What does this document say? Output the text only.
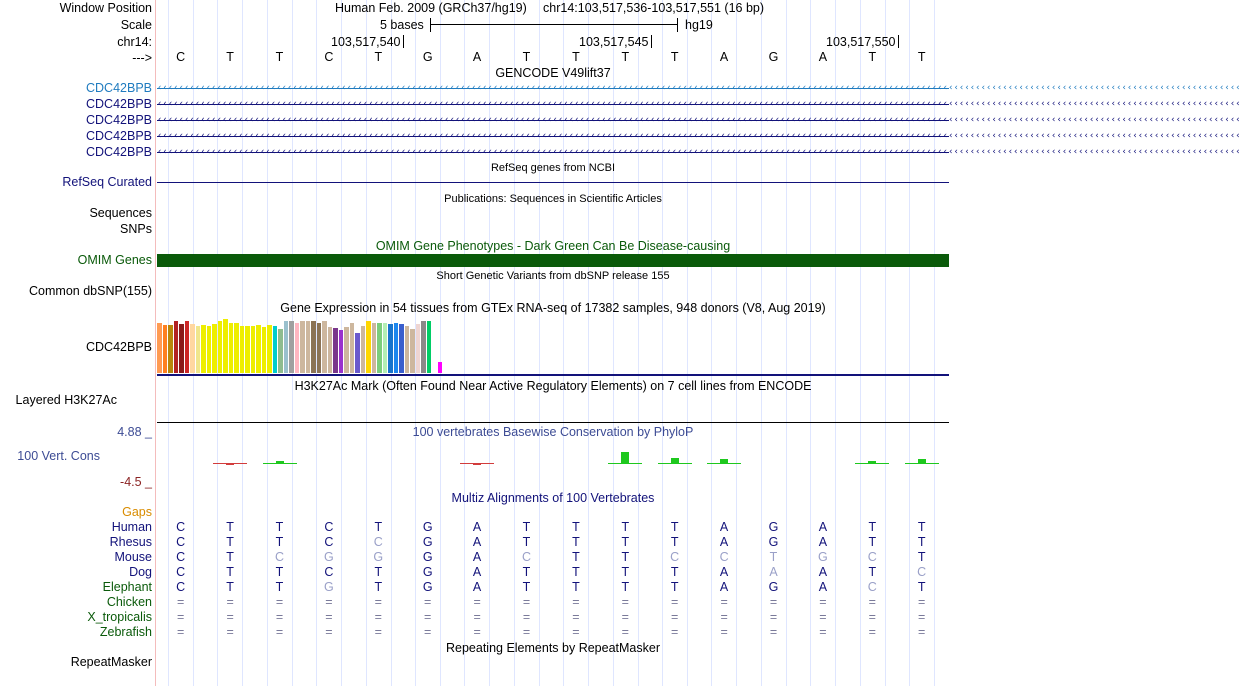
Window Position
Scale
chr14:
--->
Human Feb. 2009 (GRCh37/hg19) chr14:103,517,536-103,517,551 (16 bp)
5 bases	hg19
103,517,540	103,517,545	103,517,550
C	T	T	C	T	G	A	T	T	T	T	A	G	A	T	T
GENCODE V49lift37
CDC42BPB ‹‹‹‹‹‹‹‹‹‹‹‹‹‹‹‹‹‹‹‹‹‹‹‹‹‹‹‹‹‹‹‹‹‹‹‹‹‹‹‹‹‹‹‹‹‹‹‹‹‹‹‹‹‹‹‹‹‹‹‹‹‹‹‹‹‹‹‹‹‹‹‹‹‹‹‹‹‹‹‹‹‹‹‹‹‹‹‹‹‹‹‹‹‹‹‹‹‹‹‹‹‹‹‹‹‹‹‹‹‹‹‹‹‹‹‹‹‹‹‹‹‹‹‹‹‹‹‹‹‹‹‹‹‹‹‹‹‹‹‹‹‹‹‹‹‹‹‹‹‹‹‹‹‹‹‹‹‹‹‹‹‹‹‹‹‹‹‹‹‹‹‹‹‹‹‹‹‹‹‹‹‹‹‹‹‹‹‹‹‹‹‹‹‹‹‹‹‹‹‹
CDC42BPB ‹‹‹‹‹‹‹‹‹‹‹‹‹‹‹‹‹‹‹‹‹‹‹‹‹‹‹‹‹‹‹‹‹‹‹‹‹‹‹‹‹‹‹‹‹‹‹‹‹‹‹‹‹‹‹‹‹‹‹‹‹‹‹‹‹‹‹‹‹‹‹‹‹‹‹‹‹‹‹‹‹‹‹‹‹‹‹‹‹‹‹‹‹‹‹‹‹‹‹‹‹‹‹‹‹‹‹‹‹‹‹‹‹‹‹‹‹‹‹‹‹‹‹‹‹‹‹‹‹‹‹‹‹‹‹‹‹‹‹‹‹‹‹‹‹‹‹‹‹‹‹‹‹‹‹‹‹‹‹‹‹‹‹‹‹‹‹‹‹‹‹‹‹‹‹‹‹‹‹‹‹‹‹‹‹‹‹‹‹‹‹‹‹‹‹‹‹‹‹‹
CDC42BPB ‹‹‹‹‹‹‹‹‹‹‹‹‹‹‹‹‹‹‹‹‹‹‹‹‹‹‹‹‹‹‹‹‹‹‹‹‹‹‹‹‹‹‹‹‹‹‹‹‹‹‹‹‹‹‹‹‹‹‹‹‹‹‹‹‹‹‹‹‹‹‹‹‹‹‹‹‹‹‹‹‹‹‹‹‹‹‹‹‹‹‹‹‹‹‹‹‹‹‹‹‹‹‹‹‹‹‹‹‹‹‹‹‹‹‹‹‹‹‹‹‹‹‹‹‹‹‹‹‹‹‹‹‹‹‹‹‹‹‹‹‹‹‹‹‹‹‹‹‹‹‹‹‹‹‹‹‹‹‹‹‹‹‹‹‹‹‹‹‹‹‹‹‹‹‹‹‹‹‹‹‹‹‹‹‹‹‹‹‹‹‹‹‹‹‹‹‹‹‹‹
CDC42BPB ‹‹‹‹‹‹‹‹‹‹‹‹‹‹‹‹‹‹‹‹‹‹‹‹‹‹‹‹‹‹‹‹‹‹‹‹‹‹‹‹‹‹‹‹‹‹‹‹‹‹‹‹‹‹‹‹‹‹‹‹‹‹‹‹‹‹‹‹‹‹‹‹‹‹‹‹‹‹‹‹‹‹‹‹‹‹‹‹‹‹‹‹‹‹‹‹‹‹‹‹‹‹‹‹‹‹‹‹‹‹‹‹‹‹‹‹‹‹‹‹‹‹‹‹‹‹‹‹‹‹‹‹‹‹‹‹‹‹‹‹‹‹‹‹‹‹‹‹‹‹‹‹‹‹‹‹‹‹‹‹‹‹‹‹‹‹‹‹‹‹‹‹‹‹‹‹‹‹‹‹‹‹‹‹‹‹‹‹‹‹‹‹‹‹‹‹‹‹‹‹
CDC42BPB ‹‹‹‹‹‹‹‹‹‹‹‹‹‹‹‹‹‹‹‹‹‹‹‹‹‹‹‹‹‹‹‹‹‹‹‹‹‹‹‹‹‹‹‹‹‹‹‹‹‹‹‹‹‹‹‹‹‹‹‹‹‹‹‹‹‹‹‹‹‹‹‹‹‹‹‹‹‹‹‹‹‹‹‹‹‹‹‹‹‹‹‹‹‹‹‹‹‹‹‹‹‹‹‹‹‹‹‹‹‹‹‹‹‹‹‹‹‹‹‹‹‹‹‹‹‹‹‹‹‹‹‹‹‹‹‹‹‹‹‹‹‹‹‹‹‹‹‹‹‹‹‹‹‹‹‹‹‹‹‹‹‹‹‹‹‹‹‹‹‹‹‹‹‹‹‹‹‹‹‹‹‹‹‹‹‹‹‹‹‹‹‹‹‹‹‹‹‹‹‹
RefSeq genes from NCBI
RefSeq Curated
Publications: Sequences in Scientific Articles
Sequences
SNPs
OMIM Gene Phenotypes - Dark Green Can Be Disease-causing
OMIM Genes
Short Genetic Variants from dbSNP release 155
Common dbSNP(155)
Gene Expression in 54 tissues from GTEx RNA-seq of 17382 samples, 948 donors (V8, Aug 2019)
CDC42BPB
H3K27Ac Mark (Often Found Near Active Regulatory Elements) on 7 cell lines from ENCODE
Layered H3K27Ac
100 vertebrates Basewise Conservation by PhyloP
4.88 _
100 Vert. Cons
-4.5 _
Multiz Alignments of 100 Vertebrates
Gaps
Human	C	T	T	C	T	G	A	T	T	T	T	A	G	A	T	T
Rhesus	C	T	T	C	C	G	A	T	T	T	T	A	G	A	T	T
Mouse	C	T	C	G	G	G	A	C	T	T	C	C	T	G	C	T
Dog	C	T	T	C	T	G	A	T	T	T	T	A	A	A	T	C
Elephant	C	T	T	G	T	G	A	T	T	T	T	A	G	A	C	T
Chicken	=	=	=	=	=	=	=	=	=	=	=	=	=	=	=	=
X_tropicalis	=	=	=	=	=	=	=	=	=	=	=	=	=	=	=	=
Zebrafish	=	=	=	=	=	=	=	=	=	=	=	=	=	=	=	=
Repeating Elements by RepeatMasker
RepeatMasker
